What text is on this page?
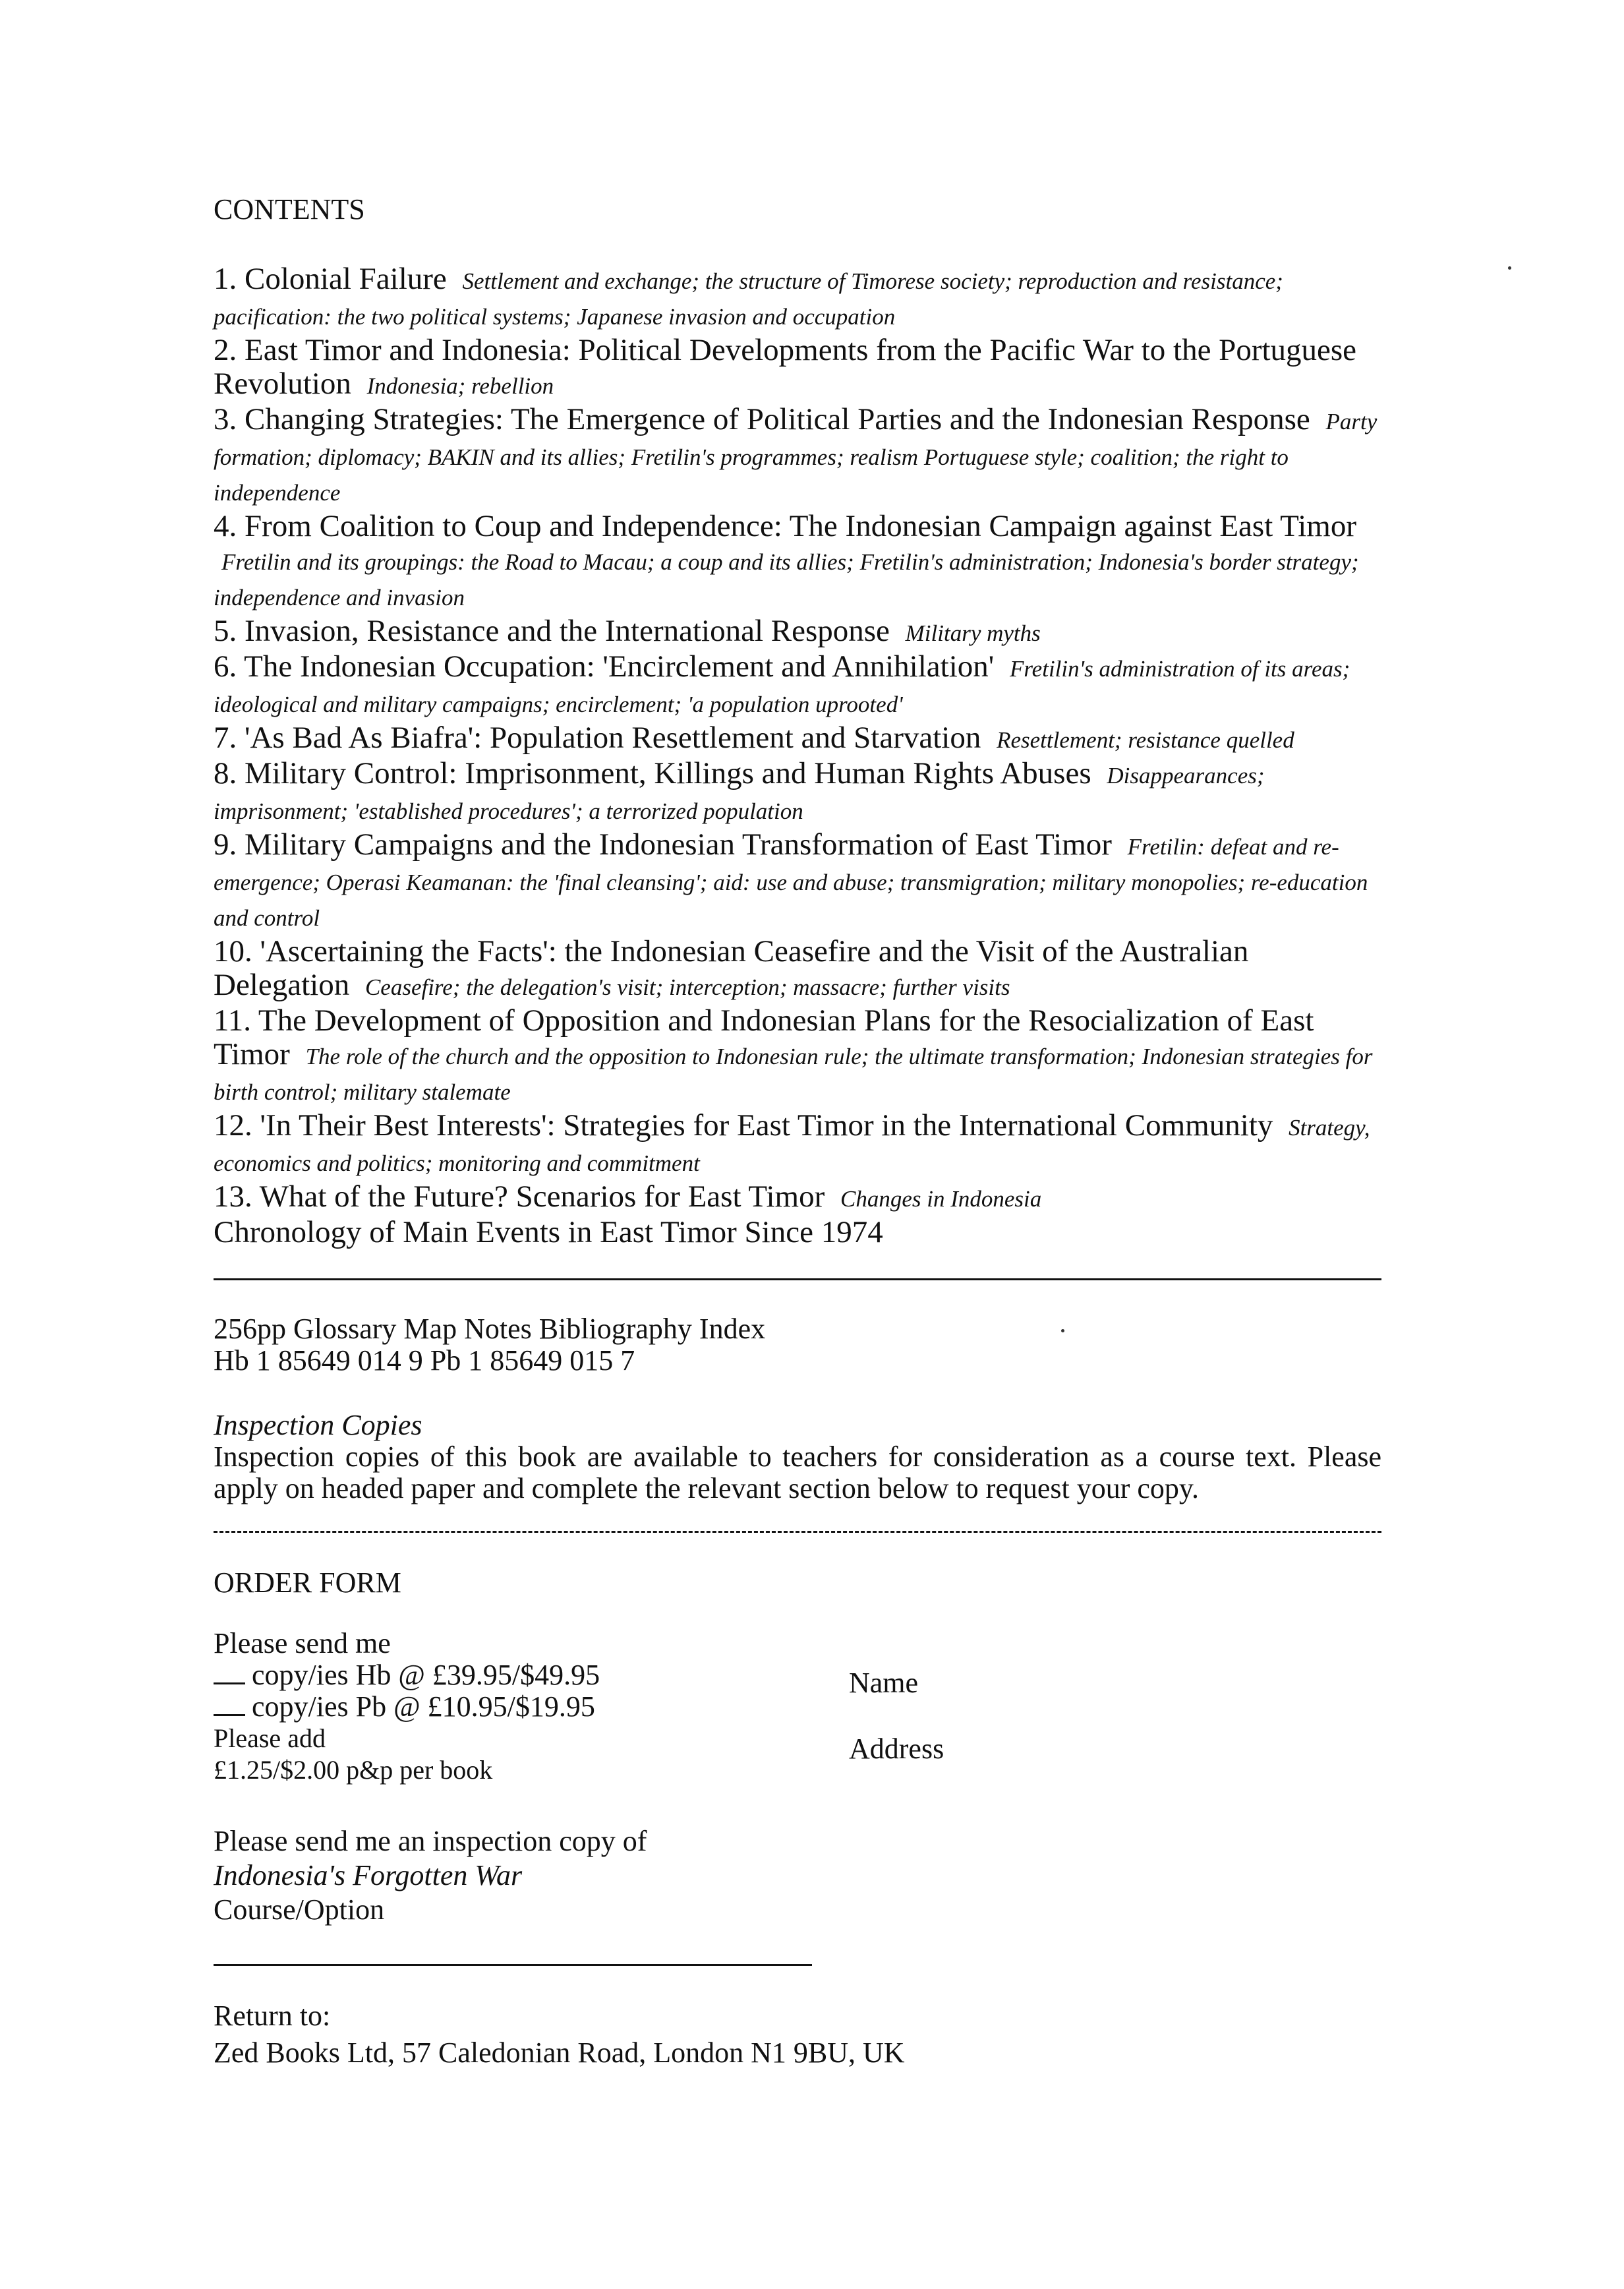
CONTENTS
1. Colonial Failure Settlement and exchange; the structure of Timorese society; reproduction and resistance; pacification: the two political systems; Japanese invasion and occupation
2. East Timor and Indonesia: Political Developments from the Pacific War to the Portuguese Revolution Indonesia; rebellion
3. Changing Strategies: The Emergence of Political Parties and the Indonesian Response Party formation; diplomacy; BAKIN and its allies; Fretilin's programmes; realism Portuguese style; coalition; the right to independence
4. From Coalition to Coup and Independence: The Indonesian Campaign against East Timor Fretilin and its groupings: the Road to Macau; a coup and its allies; Fretilin's administration; Indonesia's border strategy; independence and invasion
5. Invasion, Resistance and the International Response Military myths
6. The Indonesian Occupation: 'Encirclement and Annihilation' Fretilin's administration of its areas; ideological and military campaigns; encirclement; 'a population uprooted'
7. 'As Bad As Biafra': Population Resettlement and Starvation Resettlement; resistance quelled
8. Military Control: Imprisonment, Killings and Human Rights Abuses Disappearances; imprisonment; 'established procedures'; a terrorized population
9. Military Campaigns and the Indonesian Transformation of East Timor Fretilin: defeat and re-emergence; Operasi Keamanan: the 'final cleansing'; aid: use and abuse; transmigration; military monopolies; re-education and control
10. 'Ascertaining the Facts': the Indonesian Ceasefire and the Visit of the Australian Delegation Ceasefire; the delegation's visit; interception; massacre; further visits
11. The Development of Opposition and Indonesian Plans for the Resocialization of East Timor The role of the church and the opposition to Indonesian rule; the ultimate transformation; Indonesian strategies for birth control; military stalemate
12. 'In Their Best Interests': Strategies for East Timor in the International Community Strategy, economics and politics; monitoring and commitment
13. What of the Future? Scenarios for East Timor Changes in Indonesia
Chronology of Main Events in East Timor Since 1974
256pp Glossary Map Notes Bibliography Index
Hb 1 85649 014 9 Pb 1 85649 015 7
Inspection Copies
Inspection copies of this book are available to teachers for consideration as a course text. Please apply on headed paper and complete the relevant section below to request your copy.
ORDER FORM
Please send me
copy/ies Hb @ £39.95/$49.95
copy/ies Pb @ £10.95/$19.95
Please add
£1.25/$2.00 p&p per book
Name
Address
Please send me an inspection copy of
Indonesia's Forgotten War
Course/Option
Return to:
Zed Books Ltd, 57 Caledonian Road, London N1 9BU, UK
